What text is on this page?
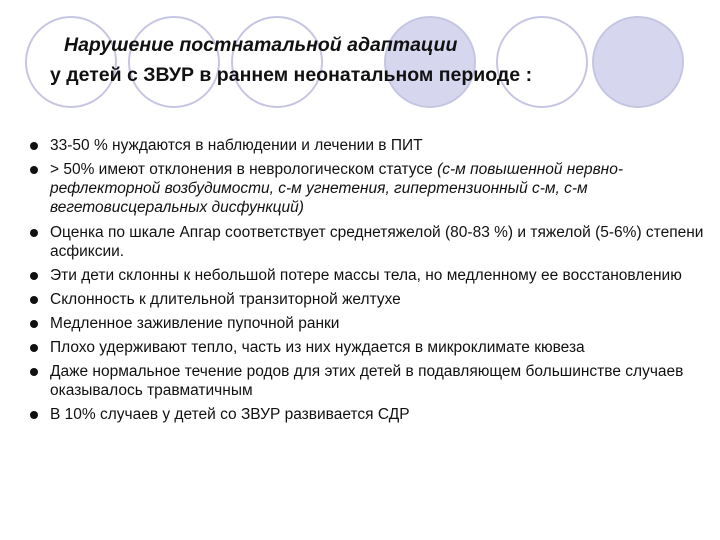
Нарушение постнатальной адаптации
у детей с ЗВУР в раннем неонатальном периоде :
33-50 % нуждаются в наблюдении и лечении в ПИТ
> 50% имеют отклонения в неврологическом статусе (с-м повышенной нервно-рефлекторной возбудимости, с-м угнетения, гипертензионный с-м, с-м вегетовисцеральных дисфункций)
Оценка по шкале Апгар соответствует среднетяжелой (80-83 %) и тяжелой (5-6%) степени асфиксии.
Эти дети склонны к небольшой потере массы тела, но медленному ее восстановлению
Склонность к длительной транзиторной желтухе
Медленное заживление пупочной ранки
Плохо удерживают тепло, часть из них нуждается в микроклимате кювеза
Даже нормальное течение родов для этих детей в подавляющем большинстве случаев оказывалось травматичным
В 10% случаев у детей со ЗВУР развивается СДР
